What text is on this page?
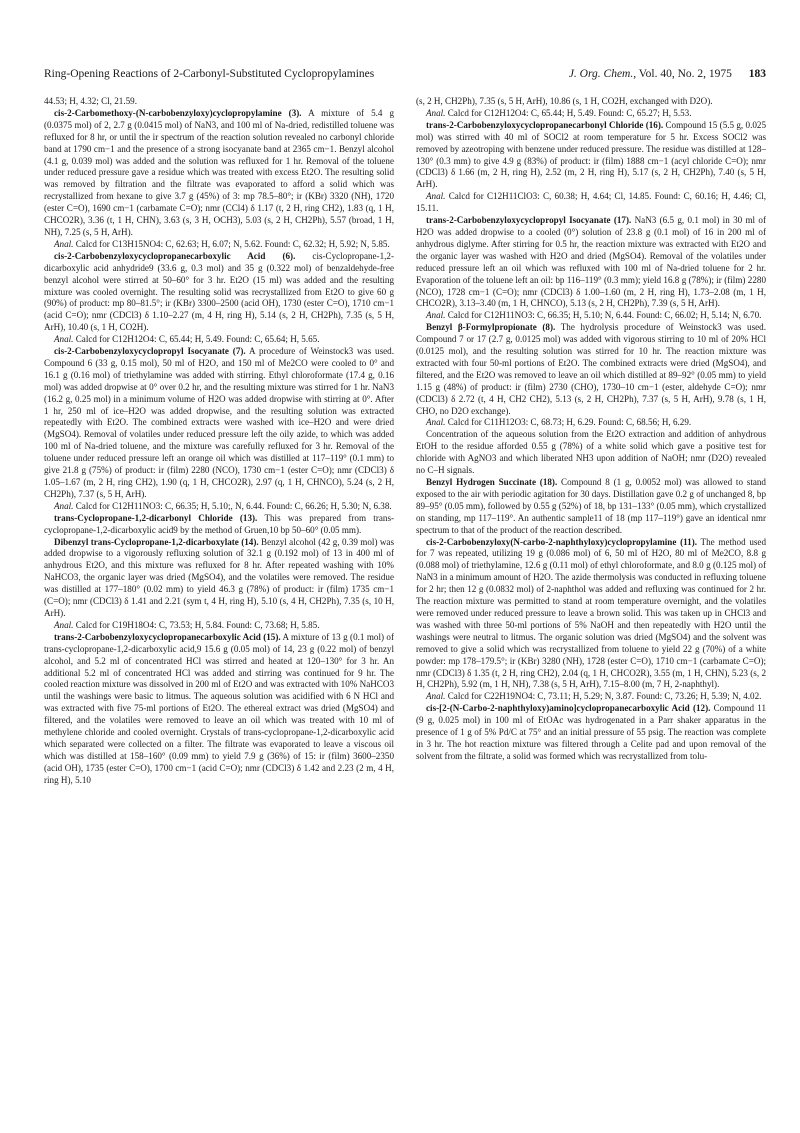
Ring-Opening Reactions of 2-Carbonyl-Substituted Cyclopropylamines	J. Org. Chem., Vol. 40, No. 2, 1975 183

44.53; H, 4.32; Cl, 21.59.

cis-2-Carbomethoxy-(N-carbobenzyloxy)cyclopropylamine (3). A mixture of 5.4 g (0.0375 mol) of 2, 2.7 g (0.0415 mol) of NaN3, and 100 ml of Na-dried, redistilled toluene was refluxed for 8 hr, or until the ir spectrum of the reaction solution revealed no carbonyl chloride band at 1790 cm−1 and the presence of a strong isocyanate band at 2365 cm−1. Benzyl alcohol (4.1 g, 0.039 mol) was added and the solution was refluxed for 1 hr. Removal of the toluene under reduced pressure gave a residue which was treated with excess Et2O. The resulting solid was removed by filtration and the filtrate was evaporated to afford a solid which was recrystallized from hexane to give 3.7 g (45%) of 3: mp 78.5–80°; ir (KBr) 3320 (NH), 1720 (ester C=O), 1690 cm−1 (carbamate C=O); nmr (CCl4) δ 1.17 (t, 2 H, ring CH2), 1.83 (q, 1 H, CHCO2R), 3.36 (t, 1 H, CHN), 3.63 (s, 3 H, OCH3), 5.03 (s, 2 H, CH2Ph), 5.57 (broad, 1 H, NH), 7.25 (s, 5 H, ArH).

Anal. Calcd for C13H15NO4: C, 62.63; H, 6.07; N, 5.62. Found: C, 62.32; H, 5.92; N, 5.85.

cis-2-Carbobenzyloxycyclopropanecarboxylic Acid (6). cis-Cyclopropane-1,2-dicarboxylic acid anhydride9 (33.6 g, 0.3 mol) and 35 g (0.322 mol) of benzaldehyde-free benzyl alcohol were stirred at 50–60° for 3 hr. Et2O (15 ml) was added and the resulting mixture was cooled overnight. The resulting solid was recrystallized from Et2O to give 60 g (90%) of product: mp 80–81.5°; ir (KBr) 3300–2500 (acid OH), 1730 (ester C=O), 1710 cm−1 (acid C=O); nmr (CDCl3) δ 1.10–2.27 (m, 4 H, ring H), 5.14 (s, 2 H, CH2Ph), 7.35 (s, 5 H, ArH), 10.40 (s, 1 H, CO2H).

Anal. Calcd for C12H12O4: C, 65.44; H, 5.49. Found: C, 65.64; H, 5.65.

cis-2-Carbobenzyloxycyclopropyl Isocyanate (7). A procedure of Weinstock3 was used. Compound 6 (33 g, 0.15 mol), 50 ml of H2O, and 150 ml of Me2CO were cooled to 0° and 16.1 g (0.16 mol) of triethylamine was added with stirring. Ethyl chloroformate (17.4 g, 0.16 mol) was added dropwise at 0° over 0.2 hr, and the resulting mixture was stirred for 1 hr. NaN3 (16.2 g, 0.25 mol) in a minimum volume of H2O was added dropwise with stirring at 0°. After 1 hr, 250 ml of ice–H2O was added dropwise, and the resulting solution was extracted repeatedly with Et2O. The combined extracts were washed with ice–H2O and were dried (MgSO4). Removal of volatiles under reduced pressure left the oily azide, to which was added 100 ml of Na-dried toluene, and the mixture was carefully refluxed for 3 hr. Removal of the toluene under reduced pressure left an orange oil which was distilled at 117–119° (0.1 mm) to give 21.8 g (75%) of product: ir (film) 2280 (NCO), 1730 cm−1 (ester C=O); nmr (CDCl3) δ 1.05–1.67 (m, 2 H, ring CH2), 1.90 (q, 1 H, CHCO2R), 2.97 (q, 1 H, CHNCO), 5.24 (s, 2 H, CH2Ph), 7.37 (s, 5 H, ArH).

Anal. Calcd for C12H11NO3: C, 66.35; H, 5.10;, N, 6.44. Found: C, 66.26; H, 5.30; N, 6.38.

trans-Cyclopropane-1,2-dicarbonyl Chloride (13). This was prepared from trans-cyclopropane-1,2-dicarboxylic acid9 by the method of Gruen,10 bp 50–60° (0.05 mm).

Dibenzyl trans-Cyclopropane-1,2-dicarboxylate (14). Benzyl alcohol (42 g, 0.39 mol) was added dropwise to a vigorously refluxing solution of 32.1 g (0.192 mol) of 13 in 400 ml of anhydrous Et2O, and this mixture was refluxed for 8 hr. After repeated washing with 10% NaHCO3, the organic layer was dried (MgSO4), and the volatiles were removed. The residue was distilled at 177–180° (0.02 mm) to yield 46.3 g (78%) of product: ir (film) 1735 cm−1 (C=O); nmr (CDCl3) δ 1.41 and 2.21 (sym t, 4 H, ring H), 5.10 (s, 4 H, CH2Ph), 7.35 (s, 10 H, ArH).

Anal. Calcd for C19H18O4: C, 73.53; H, 5.84. Found: C, 73.68; H, 5.85.

trans-2-Carbobenzyloxycyclopropanecarboxylic Acid (15). A mixture of 13 g (0.1 mol) of trans-cyclopropane-1,2-dicarboxylic acid,9 15.6 g (0.05 mol) of 14, 23 g (0.22 mol) of benzyl alcohol, and 5.2 ml of concentrated HCl was stirred and heated at 120–130° for 3 hr. An additional 5.2 ml of concentrated HCl was added and stirring was continued for 9 hr. The cooled reaction mixture was dissolved in 200 ml of Et2O and was extracted with 10% NaHCO3 until the washings were basic to litmus. The aqueous solution was acidified with 6 N HCl and was extracted with five 75-ml portions of Et2O. The ethereal extract was dried (MgSO4) and filtered, and the volatiles were removed to leave an oil which was treated with 10 ml of methylene chloride and cooled overnight. Crystals of trans-cyclopropane-1,2-dicarboxylic acid which separated were collected on a filter. The filtrate was evaporated to leave a viscous oil which was distilled at 158–160° (0.09 mm) to yield 7.9 g (36%) of 15: ir (film) 3600–2350 (acid OH), 1735 (ester C=O), 1700 cm−1 (acid C=O); nmr (CDCl3) δ 1.42 and 2.23 (2 m, 4 H, ring H), 5.10

(s, 2 H, CH2Ph), 7.35 (s, 5 H, ArH), 10.86 (s, 1 H, CO2H, exchanged with D2O).

Anal. Calcd for C12H12O4: C, 65.44; H, 5.49. Found: C, 65.27; H, 5.53.

trans-2-Carbobenzyloxycyclopropanecarbonyl Chloride (16). Compound 15 (5.5 g, 0.025 mol) was stirred with 40 ml of SOCl2 at room temperature for 5 hr. Excess SOCl2 was removed by azeotroping with benzene under reduced pressure. The residue was distilled at 128–130° (0.3 mm) to give 4.9 g (83%) of product: ir (film) 1888 cm−1 (acyl chloride C=O); nmr (CDCl3) δ 1.66 (m, 2 H, ring H), 2.52 (m, 2 H, ring H), 5.17 (s, 2 H, CH2Ph), 7.40 (s, 5 H, ArH).

Anal. Calcd for C12H11ClO3: C, 60.38; H, 4.64; Cl, 14.85. Found: C, 60.16; H, 4.46; Cl, 15.11.

trans-2-Carbobenzyloxycyclopropyl Isocyanate (17). NaN3 (6.5 g, 0.1 mol) in 30 ml of H2O was added dropwise to a cooled (0°) solution of 23.8 g (0.1 mol) of 16 in 200 ml of anhydrous diglyme. After stirring for 0.5 hr, the reaction mixture was extracted with Et2O and the organic layer was washed with H2O and dried (MgSO4). Removal of the volatiles under reduced pressure left an oil which was refluxed with 100 ml of Na-dried toluene for 2 hr. Evaporation of the toluene left an oil: bp 116–119° (0.3 mm); yield 16.8 g (78%); ir (film) 2280 (NCO), 1728 cm−1 (C=O); nmr (CDCl3) δ 1.00–1.60 (m, 2 H, ring H), 1.73–2.08 (m, 1 H, CHCO2R), 3.13–3.40 (m, 1 H, CHNCO), 5.13 (s, 2 H, CH2Ph), 7.39 (s, 5 H, ArH).

Anal. Calcd for C12H11NO3: C, 66.35; H, 5.10; N, 6.44. Found: C, 66.02; H, 5.14; N, 6.70.

Benzyl β-Formylpropionate (8). The hydrolysis procedure of Weinstock3 was used. Compound 7 or 17 (2.7 g, 0.0125 mol) was added with vigorous stirring to 10 ml of 20% HCl (0.0125 mol), and the resulting solution was stirred for 10 hr. The reaction mixture was extracted with four 50-ml portions of Et2O. The combined extracts were dried (MgSO4), and filtered, and the Et2O was removed to leave an oil which distilled at 89–92° (0.05 mm) to yield 1.15 g (48%) of product: ir (film) 2730 (CHO), 1730–10 cm−1 (ester, aldehyde C=O); nmr (CDCl3) δ 2.72 (t, 4 H, CH2 CH2), 5.13 (s, 2 H, CH2Ph), 7.37 (s, 5 H, ArH), 9.78 (s, 1 H, CHO, no D2O exchange).

Anal. Calcd for C11H12O3: C, 68.73; H, 6.29. Found: C, 68.56; H, 6.29.

Concentration of the aqueous solution from the Et2O extraction and addition of anhydrous EtOH to the residue afforded 0.55 g (78%) of a white solid which gave a positive test for chloride with AgNO3 and which liberated NH3 upon addition of NaOH; nmr (D2O) revealed no C–H signals.

Benzyl Hydrogen Succinate (18). Compound 8 (1 g, 0.0052 mol) was allowed to stand exposed to the air with periodic agitation for 30 days. Distillation gave 0.2 g of unchanged 8, bp 89–95° (0.05 mm), followed by 0.55 g (52%) of 18, bp 131–133° (0.05 mm), which crystallized on standing, mp 117–119°. An authentic sample11 of 18 (mp 117–119°) gave an identical nmr spectrum to that of the product of the reaction described.

cis-2-Carbobenzyloxy(N-carbo-2-naphthyloxy)cyclopropylamine (11). The method used for 7 was repeated, utilizing 19 g (0.086 mol) of 6, 50 ml of H2O, 80 ml of Me2CO, 8.8 g (0.088 mol) of triethylamine, 12.6 g (0.11 mol) of ethyl chloroformate, and 8.0 g (0.125 mol) of NaN3 in a minimum amount of H2O. The azide thermolysis was conducted in refluxing toluene for 2 hr; then 12 g (0.0832 mol) of 2-naphthol was added and refluxing was continued for 2 hr. The reaction mixture was permitted to stand at room temperature overnight, and the volatiles were removed under reduced pressure to leave a brown solid. This was taken up in CHCl3 and was washed with three 50-ml portions of 5% NaOH and then repeatedly with H2O until the washings were neutral to litmus. The organic solution was dried (MgSO4) and the solvent was removed to give a solid which was recrystallized from toluene to yield 22 g (70%) of a white powder: mp 178–179.5°; ir (KBr) 3280 (NH), 1728 (ester C=O), 1710 cm−1 (carbamate C=O); nmr (CDCl3) δ 1.35 (t, 2 H, ring CH2), 2.04 (q, 1 H, CHCO2R), 3.55 (m, 1 H, CHN), 5.23 (s, 2 H, CH2Ph), 5.92 (m, 1 H, NH), 7.38 (s, 5 H, ArH), 7.15–8.00 (m, 7 H, 2-naphthyl).

Anal. Calcd for C22H19NO4: C, 73.11; H, 5.29; N, 3.87. Found: C, 73.26; H, 5.39; N, 4.02.

cis-[2-(N-Carbo-2-naphthyloxy)amino]cyclopropanecarboxylic Acid (12). Compound 11 (9 g, 0.025 mol) in 100 ml of EtOAc was hydrogenated in a Parr shaker apparatus in the presence of 1 g of 5% Pd/C at 75° and an initial pressure of 55 psig. The reaction was complete in 3 hr. The hot reaction mixture was filtered through a Celite pad and upon removal of the solvent from the filtrate, a solid was formed which was recrystallized from tolu-
